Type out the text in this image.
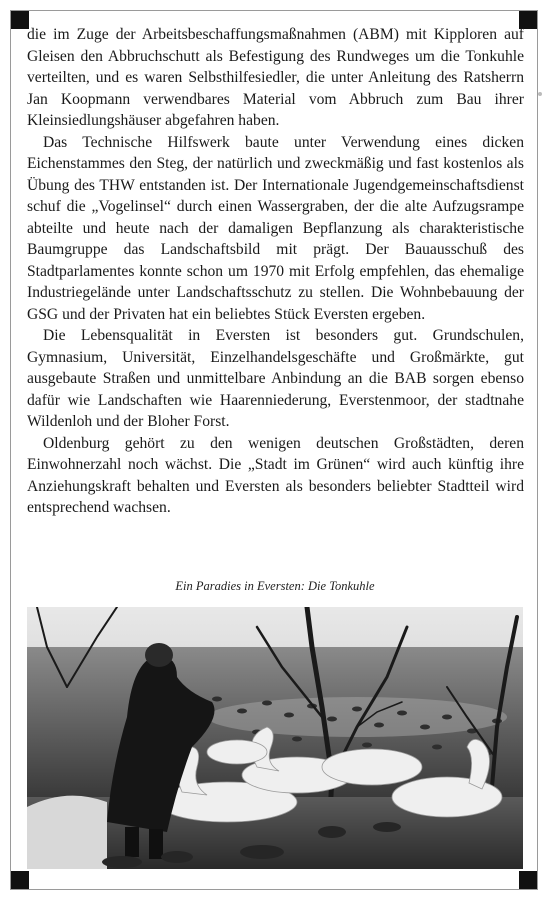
die im Zuge der Arbeitsbeschaffungsmaßnahmen (ABM) mit Kipploren auf Gleisen den Abbruchschutt als Befestigung des Rundweges um die Tonkuhle verteilten, und es waren Selbsthilfesiedler, die unter Anleitung des Ratsherrn Jan Koopmann verwendbares Material vom Abbruch zum Bau ihrer Kleinsiedlungshäuser abgefahren haben.

Das Technische Hilfswerk baute unter Verwendung eines dicken Eichenstammes den Steg, der natürlich und zweckmäßig und fast kostenlos als Übung des THW entstanden ist. Der Internationale Jugendgemeinschaftsdienst schuf die „Vogelinsel“ durch einen Wassergraben, der die alte Aufzugsrampe abteilte und heute nach der damaligen Bepflanzung als charakteristische Baumgruppe das Landschaftsbild mit prägt. Der Bauausschuß des Stadtparlamentes konnte schon um 1970 mit Erfolg empfehlen, das ehemalige Industriegelände unter Landschaftsschutz zu stellen. Die Wohnbebauung der GSG und der Privaten hat ein beliebtes Stück Eversten ergeben.

Die Lebensqualität in Eversten ist besonders gut. Grundschulen, Gymnasium, Universität, Einzelhandelsgeschäfte und Großmärkte, gut ausgebaute Straßen und unmittelbare Anbindung an die BAB sorgen ebenso dafür wie Landschaften wie Haarenniederung, Everstenmoor, der stadtnahe Wildenloh und der Bloher Forst.

Oldenburg gehört zu den wenigen deutschen Großstädten, deren Einwohnerzahl noch wächst. Die „Stadt im Grünen“ wird auch künftig ihre Anziehungskraft behalten und Eversten als besonders beliebter Stadtteil wird entsprechend wachsen.

Ein Paradies in Eversten: Die Tonkuhle
